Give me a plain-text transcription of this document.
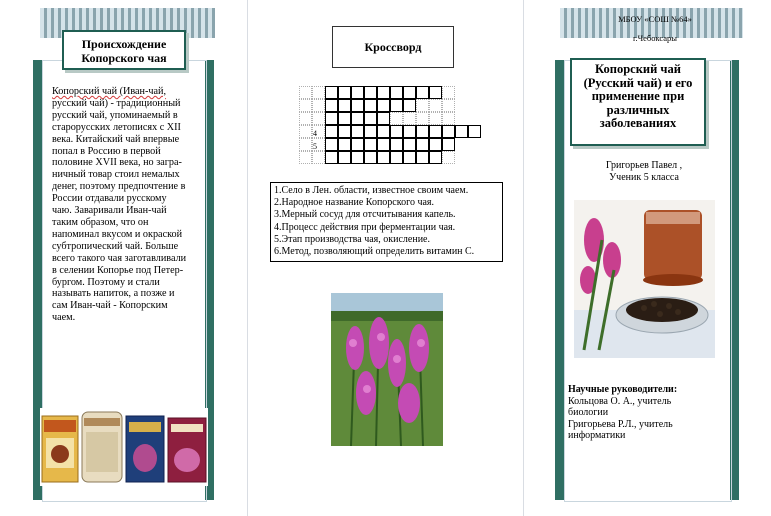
Происхождение Копорского чая
Копорский чай (Иван-чай,
русский чай) - традиционный
русский чай, упоминаемый в
старорусских летописях с XII
века. Китайский чай впервые
попал в Россию в первой
половине XVII века, но загра-
ничный товар стоил немалых
денег, поэтому предпочтение в
России отдавали русскому
чаю. Заваривали Иван-чай
таким образом, что он
напоминал вкусом и окраской
субтропический чай. Больше
всего такого чая заготавливали
в селении Копорье под Петер-
бургом. Поэтому и стали
называть напиток, а позже и
сам Иван-чай - Копорским
чаем.
Кроссворд
4
5
1.Село в Лен. области, известное своим чаем.
2.Народное название Копорского чая.
3.Мерный сосуд для отсчитывания капель.
4.Процесс действия при ферментации чая.
5.Этап производства чая, окисление.
6.Метод, позволяющий определить витамин С.
МБОУ «СОШ №64»
г.Чебоксары
Копорский чай (Русский чай) и его применение при различных заболеваниях
Григорьев Павел ,
Ученик 5 класса
Научные руководители:
Кольцова О. А., учитель
биологии
Григорьева Р.Л., учитель
информатики
